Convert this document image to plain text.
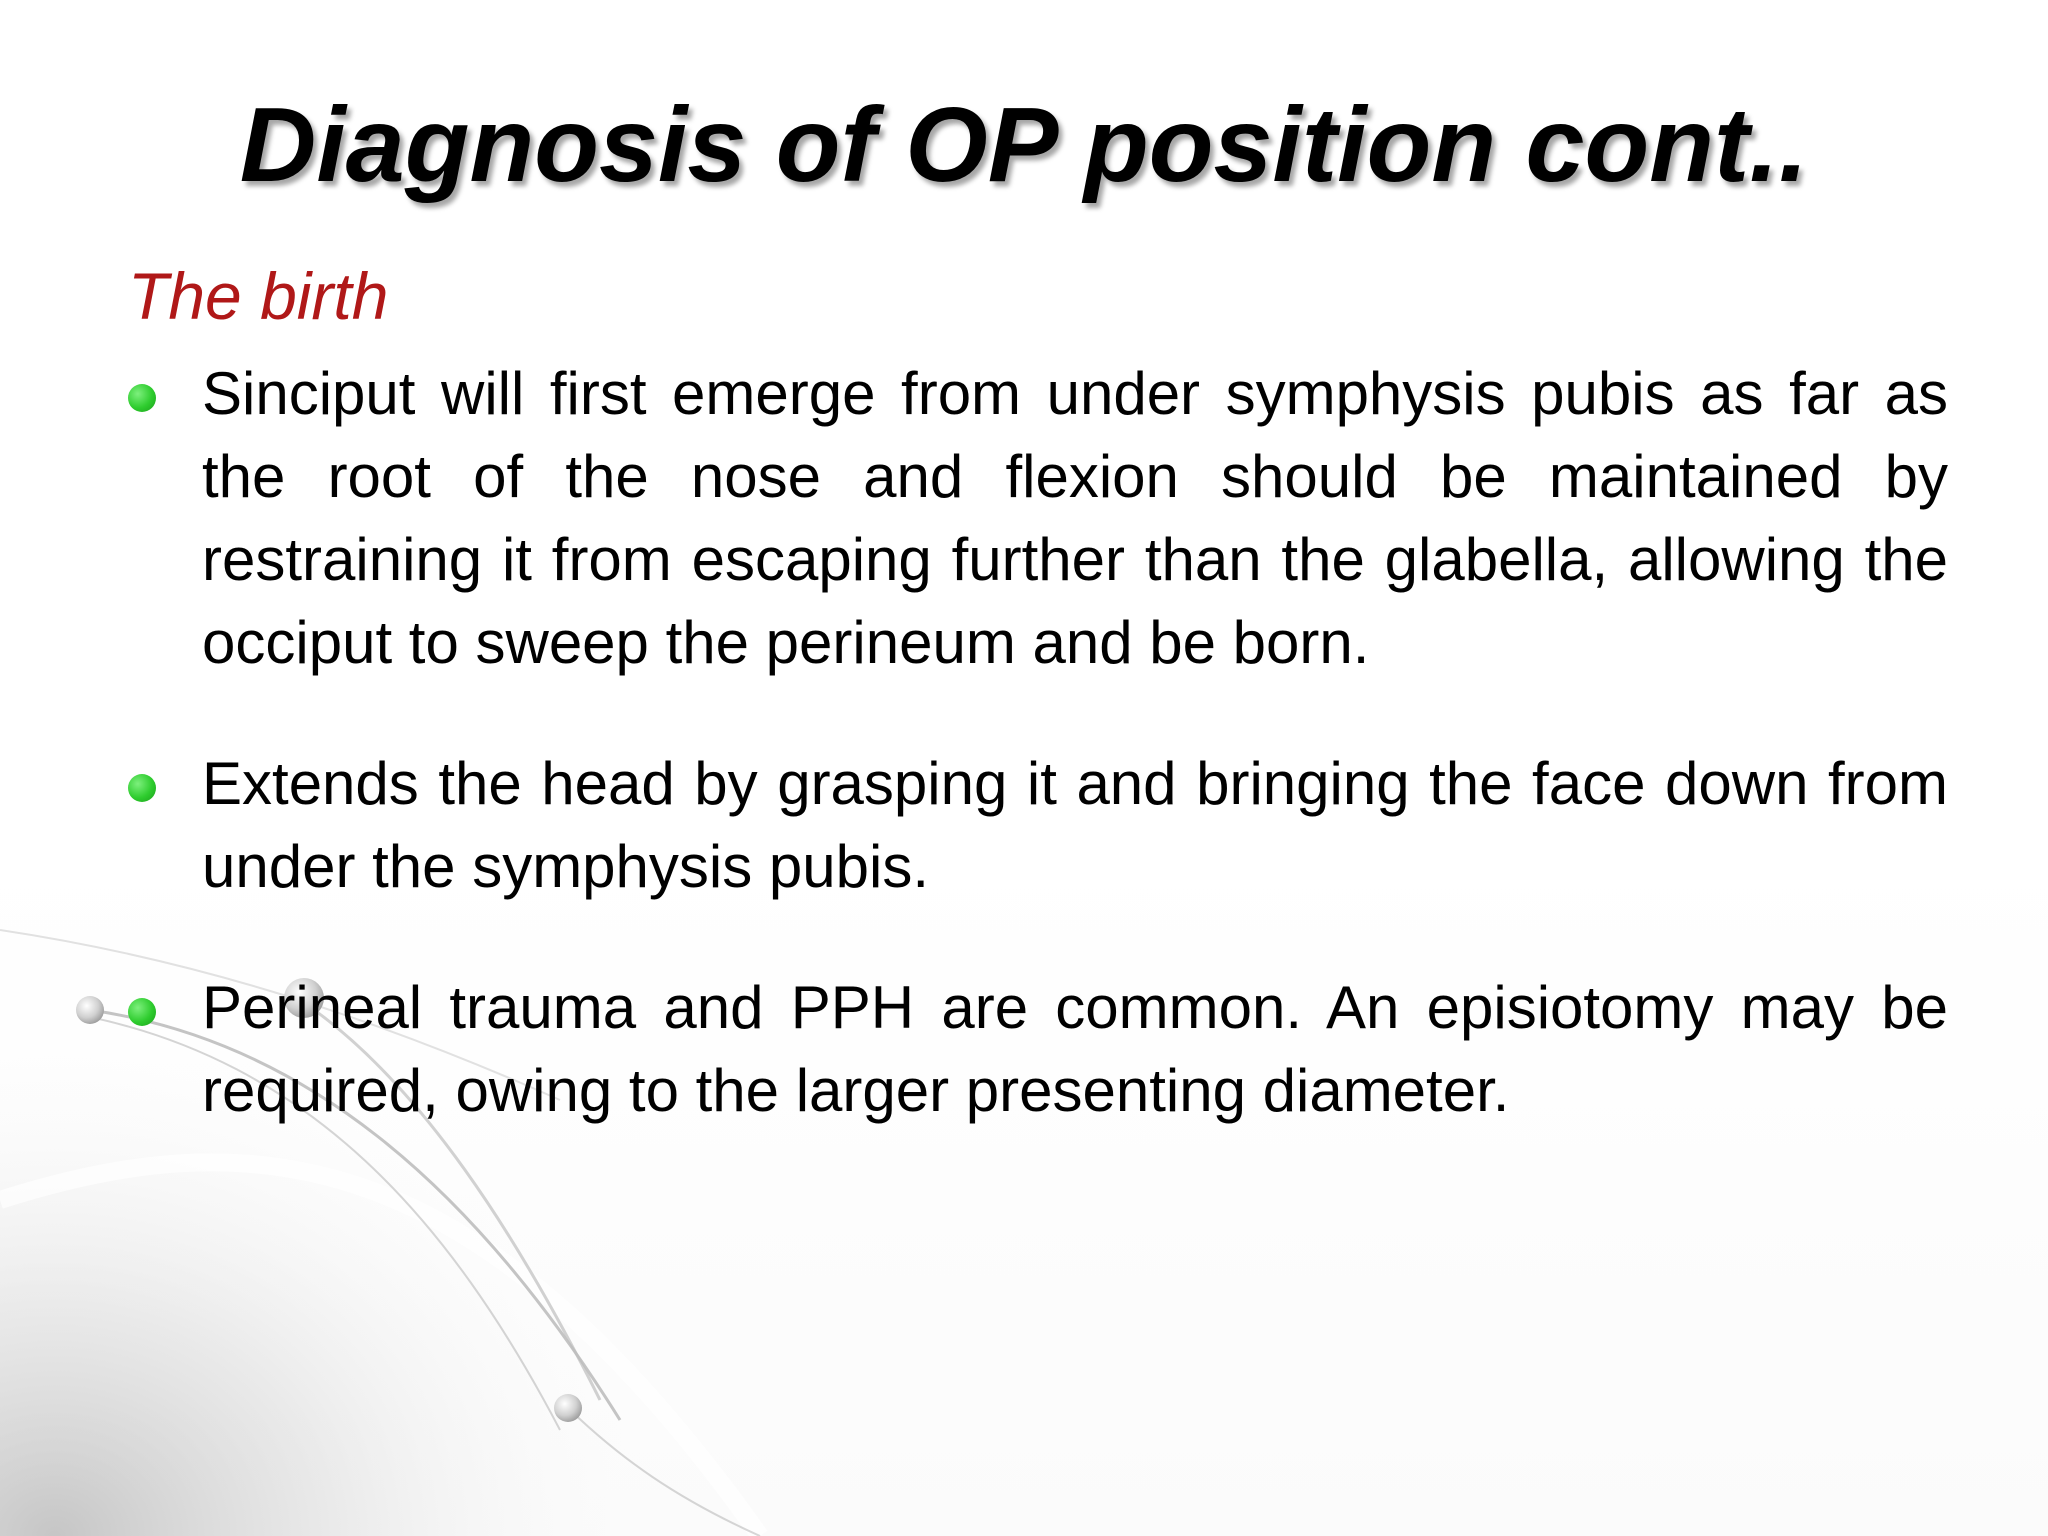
Diagnosis of OP position cont..
The birth
Sinciput will first emerge from under symphysis pubis as far as the root of the nose and flexion should be maintained by restraining it from escaping further than the glabella, allowing the occiput to sweep the perineum and be born.
Extends the head by grasping it and bringing the face down from under the symphysis pubis.
Perineal trauma and PPH are common. An episiotomy may be required, owing to the larger presenting diameter.
